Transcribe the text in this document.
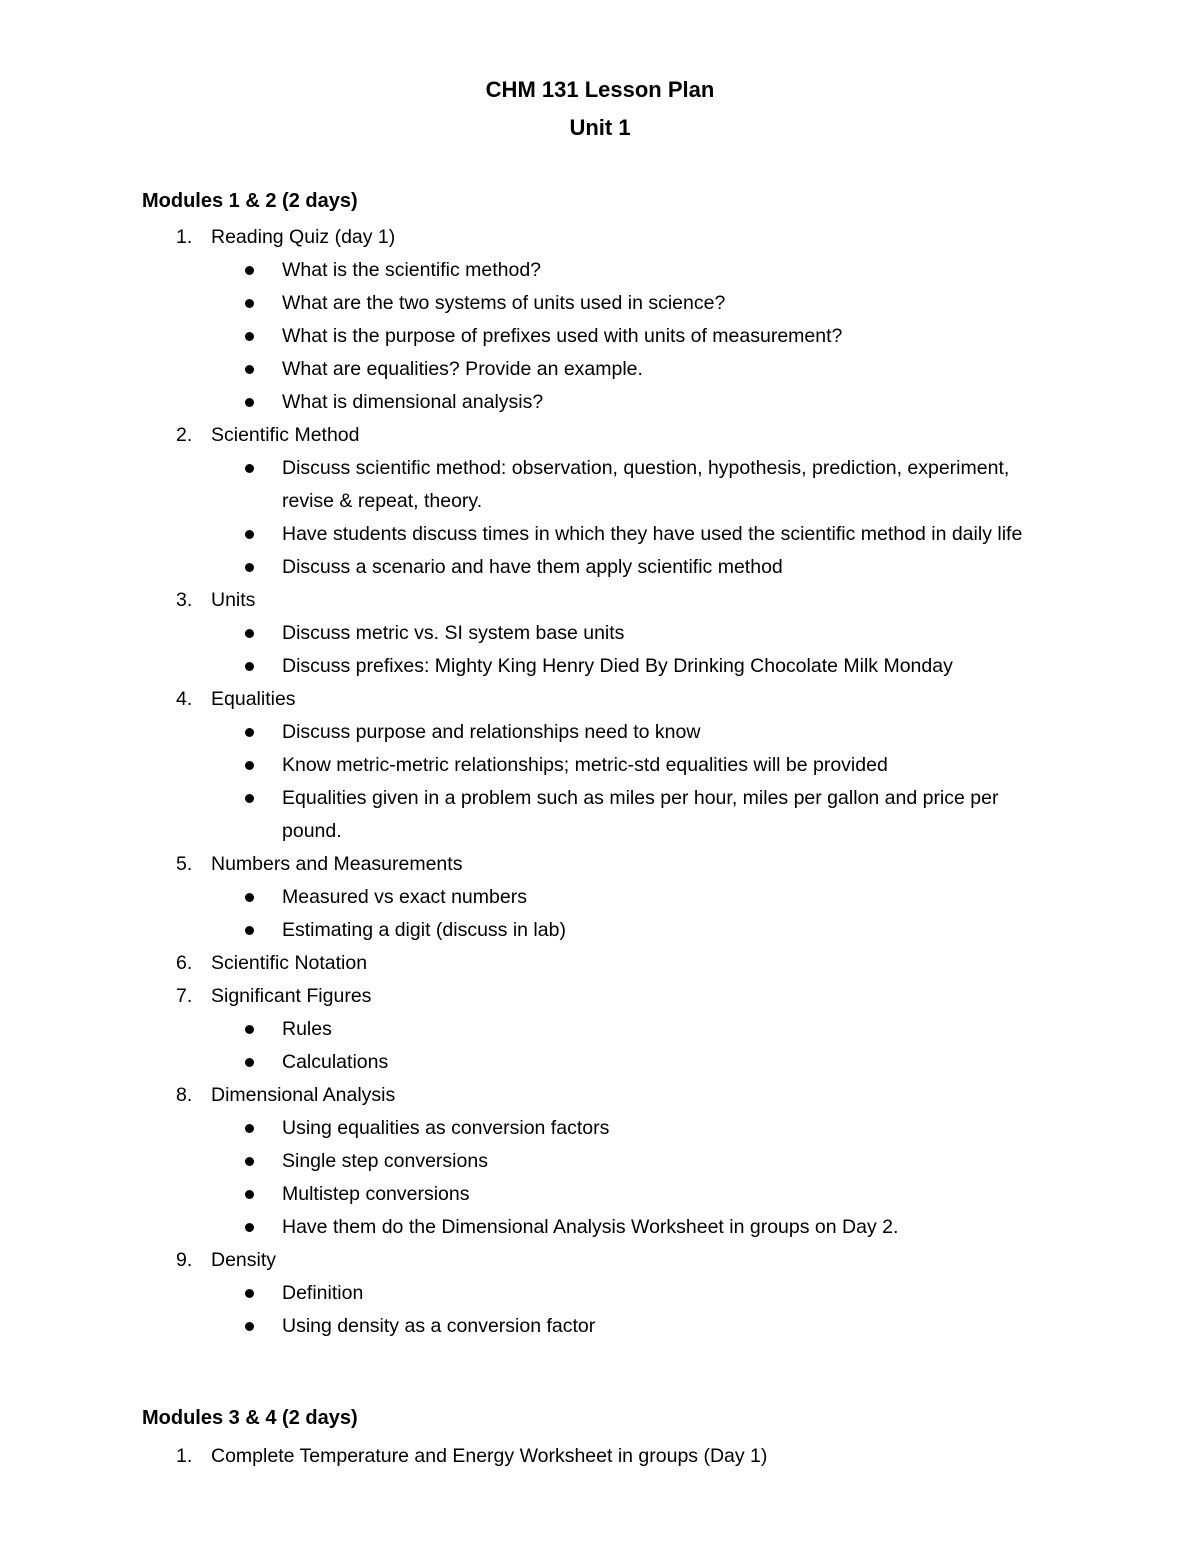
CHM 131 Lesson Plan
Unit 1
Modules 1 & 2 (2 days)
1. Reading Quiz (day 1)
What is the scientific method?
What are the two systems of units used in science?
What is the purpose of prefixes used with units of measurement?
What are equalities? Provide an example.
What is dimensional analysis?
2. Scientific Method
Discuss scientific method: observation, question, hypothesis, prediction, experiment, revise & repeat, theory.
Have students discuss times in which they have used the scientific method in daily life
Discuss a scenario and have them apply scientific method
3. Units
Discuss metric vs. SI system base units
Discuss prefixes: Mighty King Henry Died By Drinking Chocolate Milk Monday
4. Equalities
Discuss purpose and relationships need to know
Know metric-metric relationships; metric-std equalities will be provided
Equalities given in a problem such as miles per hour, miles per gallon and price per pound.
5. Numbers and Measurements
Measured vs exact numbers
Estimating a digit (discuss in lab)
6. Scientific Notation
7. Significant Figures
Rules
Calculations
8. Dimensional Analysis
Using equalities as conversion factors
Single step conversions
Multistep conversions
Have them do the Dimensional Analysis Worksheet in groups on Day 2.
9. Density
Definition
Using density as a conversion factor
Modules 3 & 4 (2 days)
1. Complete Temperature and Energy Worksheet in groups (Day 1)
